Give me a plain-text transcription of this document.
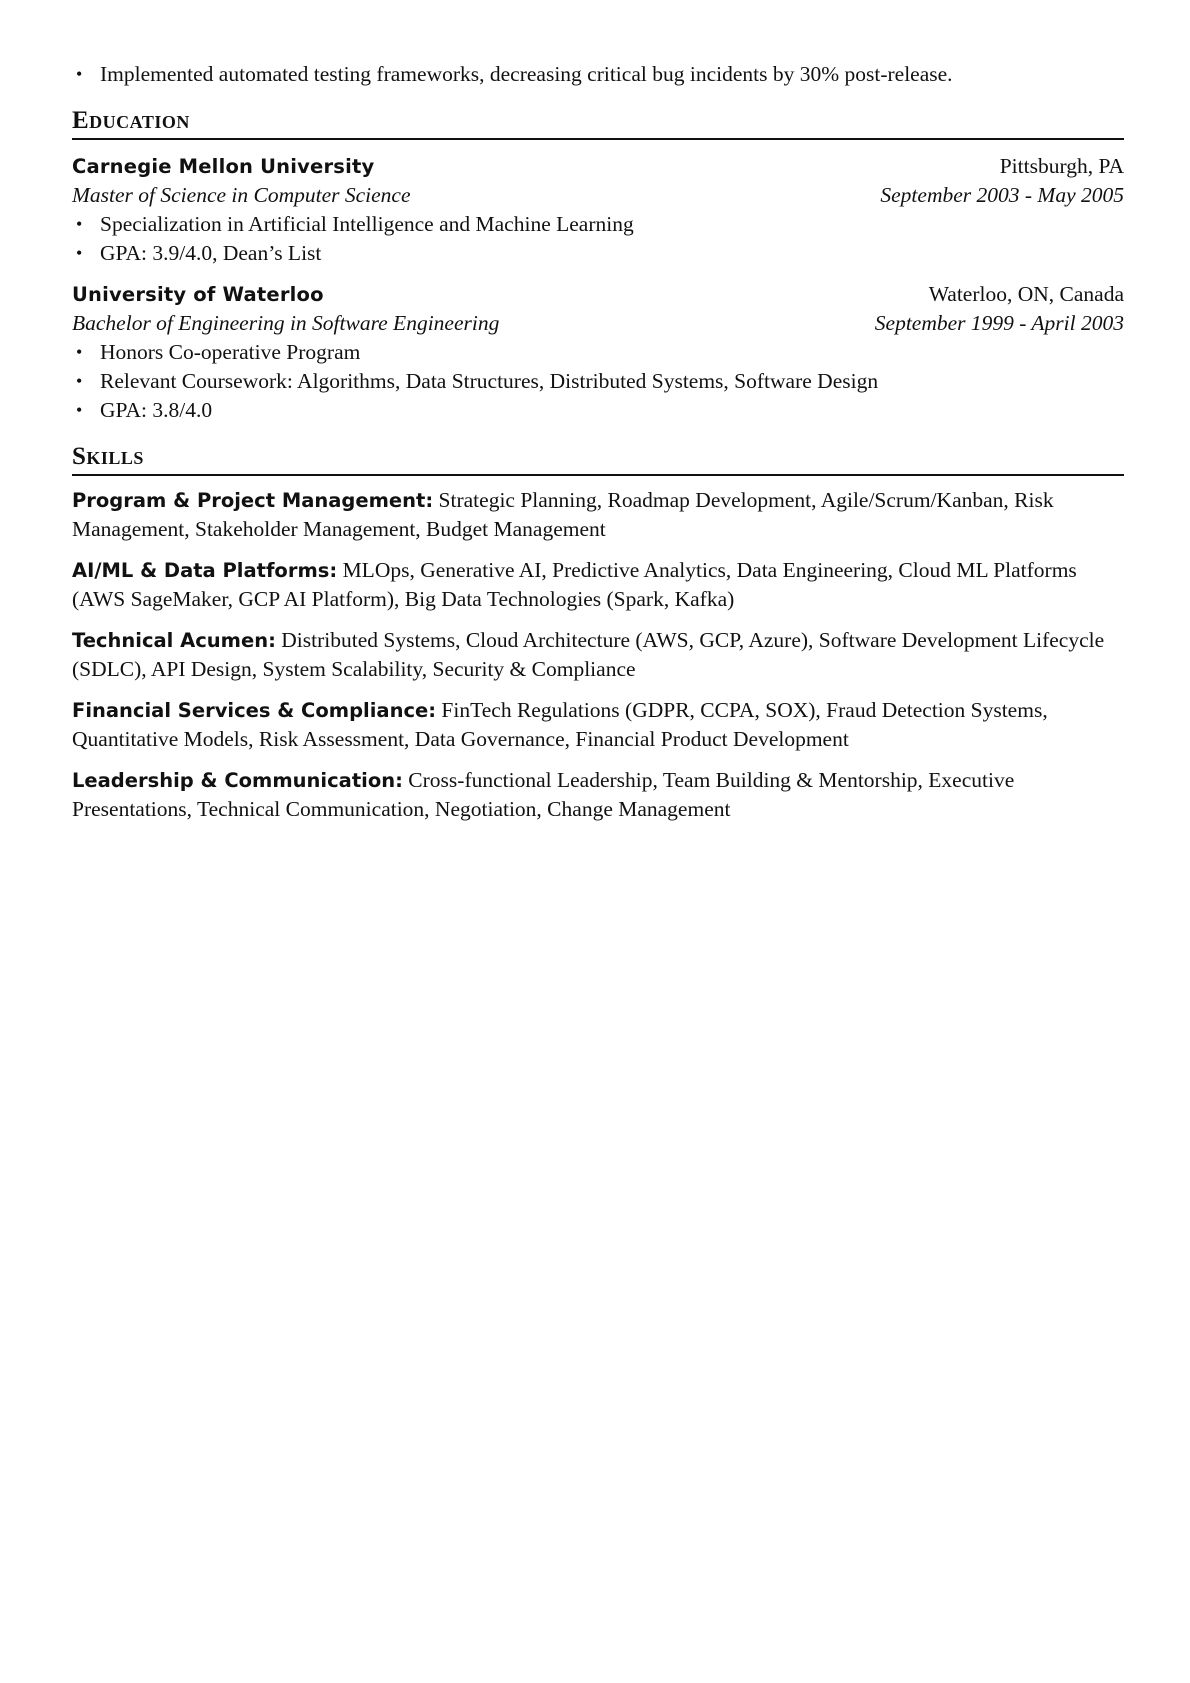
• Implemented automated testing frameworks, decreasing critical bug incidents by 30% post-release.
Education
Carnegie Mellon University	Pittsburgh, PA
Master of Science in Computer Science	September 2003 - May 2005
• Specialization in Artificial Intelligence and Machine Learning
• GPA: 3.9/4.0, Dean’s List
University of Waterloo	Waterloo, ON, Canada
Bachelor of Engineering in Software Engineering	September 1999 - April 2003
• Honors Co-operative Program
• Relevant Coursework: Algorithms, Data Structures, Distributed Systems, Software Design
• GPA: 3.8/4.0
Skills
Program & Project Management: Strategic Planning, Roadmap Development, Agile/Scrum/Kanban, Risk Management, Stakeholder Management, Budget Management
AI/ML & Data Platforms: MLOps, Generative AI, Predictive Analytics, Data Engineering, Cloud ML Platforms (AWS SageMaker, GCP AI Platform), Big Data Technologies (Spark, Kafka)
Technical Acumen: Distributed Systems, Cloud Architecture (AWS, GCP, Azure), Software Development Lifecycle (SDLC), API Design, System Scalability, Security & Compliance
Financial Services & Compliance: FinTech Regulations (GDPR, CCPA, SOX), Fraud Detection Systems, Quantitative Models, Risk Assessment, Data Governance, Financial Product Development
Leadership & Communication: Cross-functional Leadership, Team Building & Mentorship, Executive Presentations, Technical Communication, Negotiation, Change Management
